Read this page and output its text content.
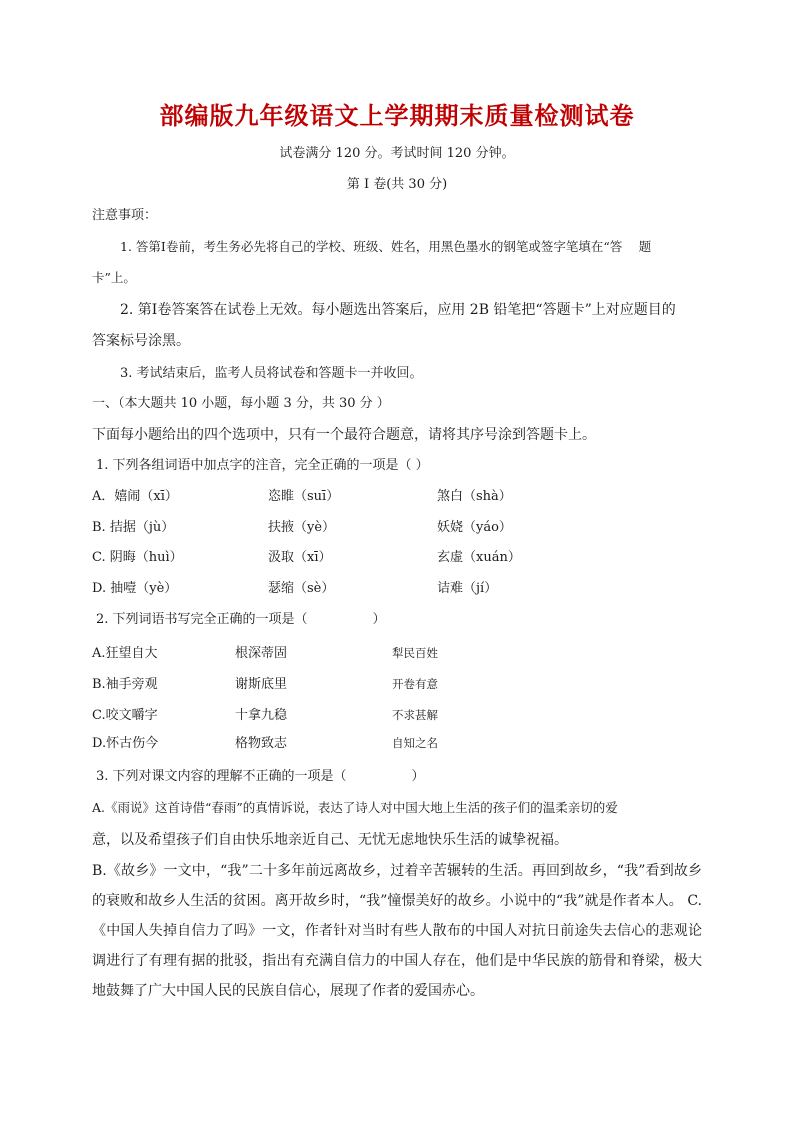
部编版九年级语文上学期期末质量检测试卷
试卷满分 120 分。考试时间 120 分钟。
第 Ⅰ 卷(共 30 分)
注意事项：
1. 答第Ⅰ卷前，考生务必先将自己的学校、班级、姓名，用黑色墨水的钢笔或签字笔填在“答　 题
卡”上。
2. 第Ⅰ卷答案答在试卷上无效。每小题选出答案后，应用 2B 铅笔把“答题卡”上对应题目的
答案标号涂黑。
3. 考试结束后，监考人员将试卷和答题卡一并收回。
一、（本大题共 10 小题，每小题 3 分，共 30 分 ）
下面每小题给出的四个选项中，只有一个最符合题意，请将其序号涂到答题卡上。
1. 下列各组词语中加点字的注音，完全正确的一项是（ ）
A．嬉闹（xī）	恣睢（suī）	煞白（shà）
B. 拮据（jù）	扶掖（yè）	妖娆（yáo）
C. 阴晦（huì）	汲取（xī）	玄虚（xuán）
D. 抽噎（yè）	瑟缩（sè）	诘难（jí）
2. 下列词语书写完全正确的一项是（　　　　　）
A.狂望自大	根深蒂固	犁民百姓
B.袖手旁观	谢斯底里	开卷有意
C.咬文嚼字	十拿九稳	不求甚解
D.怀古伤今	格物致志	自知之名
3. 下列对课文内容的理解不正确的一项是（　　　　　）
A.《雨说》这首诗借“春雨”的真情诉说，表达了诗人对中国大地上生活的孩子们的温柔亲切的爱
意，以及希望孩子们自由快乐地亲近自己、无忧无虑地快乐生活的诚挚祝福。
B.《故乡》一文中，“我”二十多年前远离故乡，过着辛苦辗转的生活。再回到故乡，“我”看到故乡的衰败和故乡人生活的贫困。离开故乡时，“我”憧憬美好的故乡。小说中的“我”就是作者本人。 C.《中国人失掉自信力了吗》一文，作者针对当时有些人散布的中国人对抗日前途失去信心的悲观论调进行了有理有据的批驳，指出有充满自信力的中国人存在，他们是中华民族的筋骨和脊梁，极大地鼓舞了广大中国人民的民族自信心，展现了作者的爱国赤心。
